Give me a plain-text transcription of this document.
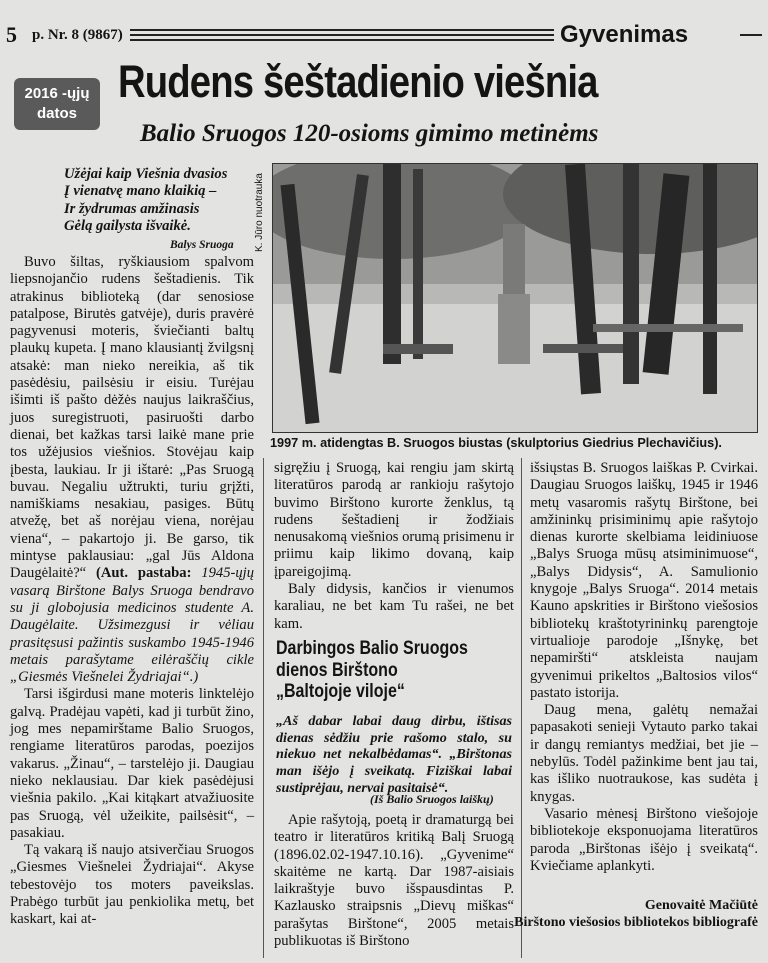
5 p. Nr. 8 (9867)	Gyvenimas
2016 -ųjų
datos
Rudens šeštadienio viešnia
Balio Sruogos 120-osioms gimimo metinėms
Užėjai kaip Viešnia dvasios
Į vienatvę mano klaikią –
Ir žydrumas amžinasis
Gėlą gailysta išvaikė.
Balys Sruoga K. Jūro nuotrauka
1997 m. atidengtas B. Sruogos biustas (skulptorius Giedrius Plechavičius).

Buvo šiltas, ryškiausiom spalvom liepsnojančio rudens šeštadienis. Tik atrakinus biblioteką (dar senosiose patalpose, Birutės gatvėje), duris pravėrė pagyvenusi moteris, šviečianti baltų plaukų kupeta. Į mano klausiantį žvilgsnį atsakė: man nieko nereikia, aš tik pasėdėsiu, pailsėsiu ir eisiu. Turėjau išimti iš pašto dėžės naujus laikraščius, juos suregistruoti, pasiruošti darbo dienai, bet kažkas tarsi laikė mane prie tos užėjusios viešnios. Stovėjau kaip įbesta, laukiau. Ir ji ištarė: „Pas Sruogą buvau. Negaliu užtrukti, turiu grįžti, namiškiams nesakiau, pasiges. Būtų atvežę, bet aš norėjau viena, norėjau viena“, – pakartojo ji. Be garso, tik mintyse paklausiau: „gal Jūs Aldona Daugėlaitė?“ (Aut. pastaba: 1945-ųjų vasarą Birštone Balys Sruoga bendravo su ji globojusia medicinos studente A. Daugėlaite. Užsimezgusi ir vėliau prasitęsusi pažintis suskambo 1945-1946 metais parašytame eilėraščių cikle „Giesmės Viešnelei Žydriajai“.)

Tarsi išgirdusi mane moteris linktelėjo galvą. Pradėjau vapėti, kad ji turbūt žino, jog mes nepamirštame Balio Sruogos, rengiame literatūros parodas, poezijos vakarus. „Žinau“, – tarstelėjo ji. Daugiau nieko neklausiau. Dar kiek pasėdėjusi viešnia pakilo. „Kai kitąkart atvažiuosite pas Sruogą, vėl užeikite, pailsėsit“, – pasakiau.

Tą vakarą iš naujo atsiverčiau Sruogos „Giesmes Viešnelei Žydriajai“. Akyse tebestovėjo tos moters paveikslas. Prabėgo turbūt jau penkiolika metų, bet kaskart, kai at-

sigręžiu į Sruogą, kai rengiu jam skirtą literatūros parodą ar rankioju rašytojo buvimo Birštono kurorte ženklus, tą rudens šeštadienį ir žodžiais nenusakomą viešnios orumą prisimenu ir priimu kaip likimo dovaną, kaip įpareigojimą.

Baly didysis, kančios ir vienumos karaliau, ne bet kam Tu rašei, ne bet kam.

Darbingos Balio Sruogos
dienos Birštono
„Baltojoje viloje“

„Aš dabar labai daug dirbu, ištisas dienas sėdžiu prie rašomo stalo, su niekuo net nekalbėdamas“. „Birštonas man išėjo į sveikatą. Fiziškai labai sustiprėjau, nervai pasitaisė“.

(Iš Balio Sruogos laiškų)

Apie rašytoją, poetą ir dramaturgą bei teatro ir literatūros kritiką Balį Sruogą (1896.02.02-1947.10.16). „Gyvenime“ skaitėme ne kartą. Dar 1987-aisiais laikraštyje buvo išspausdintas P. Kazlausko straipsnis „Dievų miškas“ parašytas Birštone“, 2005 metais publikuotas iš Birštono

išsiųstas B. Sruogos laiškas P. Cvirkai. Daugiau Sruogos laiškų, 1945 ir 1946 metų vasaromis rašytų Birštone, bei amžininkų prisiminimų apie rašytojo dienas kurorte skelbiama leidiniuose „Balys Sruoga mūsų atsiminimuose“, „Balys Didysis“, A. Samulionio knygoje „Balys Sruoga“. 2014 metais Kauno apskrities ir Birštono viešosios bibliotekų kraštotyrininkų parengtoje virtualioje parodoje „Išnykę, bet nepamiršti“ atskleista naujam gyvenimui prikeltos „Baltosios vilos“ pastato istorija.

Daug mena, galėtų nemažai papasakoti senieji Vytauto parko takai ir dangų remiantys medžiai, bet jie – nebylūs. Todėl pažinkime bent jau tai, kas išliko nuotraukose, kas sudėta į knygas.

Vasario mėnesį Birštono viešojoje bibliotekoje eksponuojama literatūros paroda „Birštonas išėjo į sveikatą“. Kviečiame aplankyti.

Genovaitė Mačiūtė
Birštono viešosios bibliotekos bibliografė
